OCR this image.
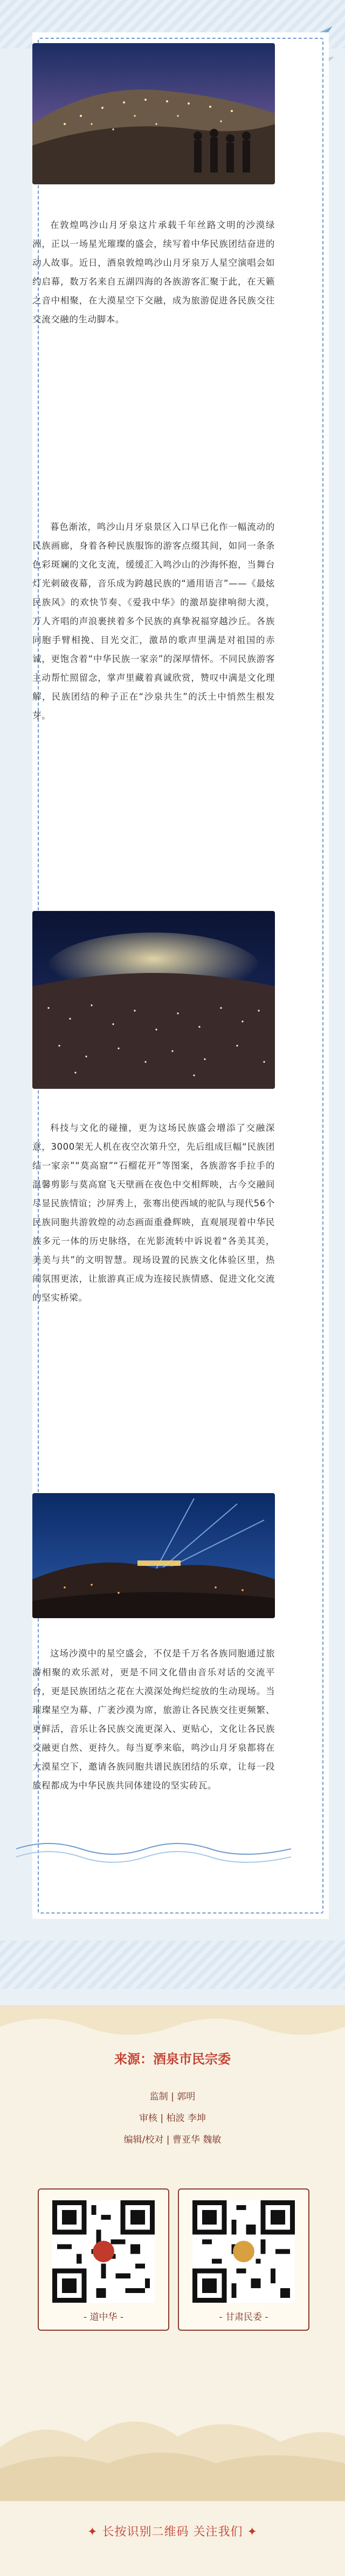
在敦煌鸣沙山月牙泉这片承载千年丝路文明的沙漠绿洲，正以一场星光璀璨的盛会，续写着中华民族团结奋进的动人故事。近日，酒泉敦煌鸣沙山月牙泉万人星空演唱会如约启幕，数万名来自五湖四海的各族游客汇聚于此，在天籁之音中相聚，在大漠星空下交融，成为旅游促进各民族交往交流交融的生动脚本。

暮色渐浓，鸣沙山月牙泉景区入口早已化作一幅流动的民族画廊，身着各种民族服饰的游客点缀其间，如同一条条色彩斑斓的文化支流，缓缓汇入鸣沙山的沙海怀抱，当舞台灯光刺破夜幕，音乐成为跨越民族的“通用语言”——《最炫民族风》的欢快节奏、《爱我中华》的激昂旋律响彻大漠，万人齐唱的声浪裹挟着多个民族的真挚祝福穿越沙丘。各族同胞手臂相挽、目光交汇，激昂的歌声里满是对祖国的赤诚，更饱含着“中华民族一家亲”的深厚情怀。不同民族游客主动帮忙照留念，掌声里藏着真诚欣赏，赞叹中满是文化理解，民族团结的种子正在“沙泉共生”的沃土中悄然生根发芽。

科技与文化的碰撞，更为这场民族盛会增添了交融深意，3000架无人机在夜空次第升空，先后组成巨幅“民族团结一家亲”“莫高窟”“石榴花开”等图案，各族游客手拉手的温馨剪影与莫高窟飞天壁画在夜色中交相辉映，古今交融间尽显民族情谊；沙屏秀上，张骞出使西域的驼队与现代56个民族同胞共游敦煌的动态画面重叠辉映，直观展现着中华民族多元一体的历史脉络，在光影流转中诉说着“各美其美，美美与共”的文明智慧。现场设置的民族文化体验区里，热闹氛围更浓，让旅游真正成为连接民族情感、促进文化交流的坚实桥梁。

这场沙漠中的星空盛会，不仅是千万名各族同胞通过旅游相聚的欢乐派对，更是不同文化借由音乐对话的交流平台，更是民族团结之花在大漠深处绚烂绽放的生动现场。当璀璨星空为幕、广袤沙漠为席，旅游让各民族交往更频繁、更鲜活，音乐让各民族交流更深入、更贴心，文化让各民族交融更自然、更持久。每当夏季来临，鸣沙山月牙泉都将在大漠星空下，邀请各族同胞共谱民族团结的乐章，让每一段旅程都成为中华民族共同体建设的坚实砖瓦。

来源：酒泉市民宗委
监制 | 郭明
审核 | 柏波 李坤
编辑/校对 | 曹亚华 魏敏
- 道中华 -	- 甘肃民委 -
✦ 长按识别二维码 关注我们 ✦
